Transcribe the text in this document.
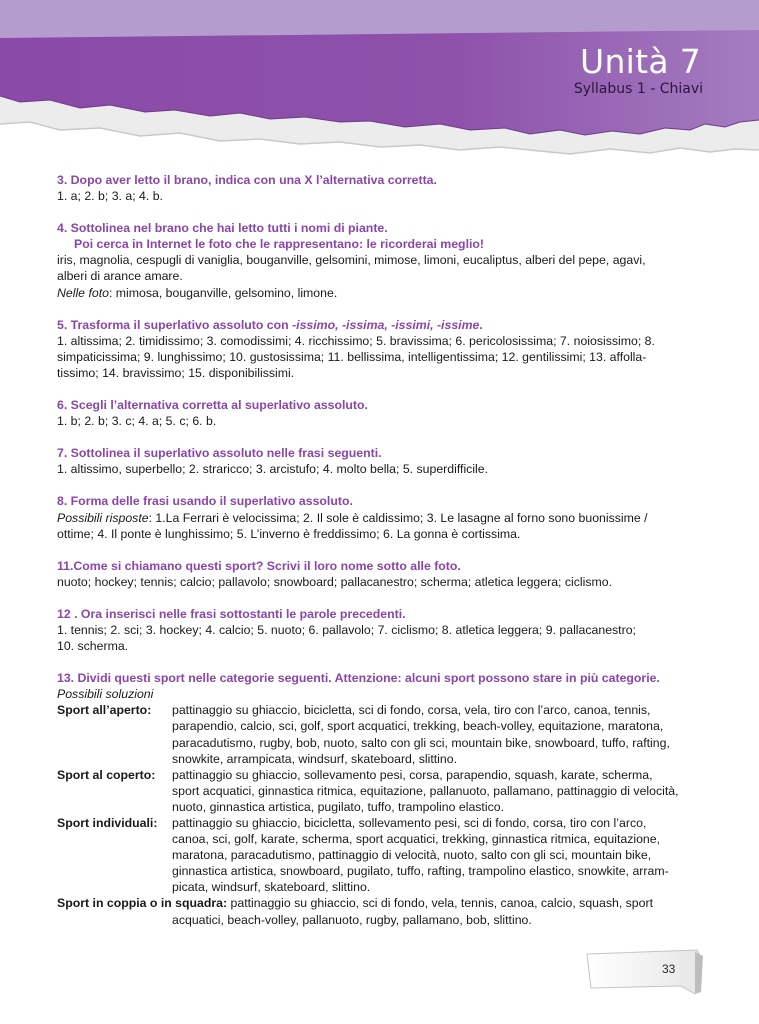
Unità 7
Syllabus 1 - Chiavi
3. Dopo aver letto il brano, indica con una X l’alternativa corretta.
1. a; 2. b; 3. a; 4. b.
4. Sottolinea nel brano che hai letto tutti i nomi di piante.
Poi cerca in Internet le foto che le rappresentano: le ricorderai meglio!
iris, magnolia, cespugli di vaniglia, bouganville, gelsomini, mimose, limoni, eucaliptus, alberi del pepe, agavi,
alberi di arance amare.
Nelle foto: mimosa, bouganville, gelsomino, limone.
5. Trasforma il superlativo assoluto con -issimo, -issima, -issimi, -issime.
1. altissima; 2. timidissimo; 3. comodissimi; 4. ricchissimo; 5. bravissima; 6. pericolosissima; 7. noiosissimo; 8.
simpaticissima; 9. lunghissimo; 10. gustosissima; 11. bellissima, intelligentissima; 12. gentilissimi; 13. affolla-
tissimo; 14. bravissimo; 15. disponibilissimi.
6. Scegli l’alternativa corretta al superlativo assoluto.
1. b; 2. b; 3. c; 4. a; 5. c; 6. b.
7. Sottolinea il superlativo assoluto nelle frasi seguenti.
1. altissimo, superbello; 2. strаricco; 3. arcistufo; 4. molto bella; 5. superdifficile.
8. Forma delle frasi usando il superlativo assoluto.
Possibili risposte: 1.La Ferrari è velocissima; 2. Il sole è caldissimo; 3. Le lasagne al forno sono buonissime /
ottime; 4. Il ponte è lunghissimo; 5. L’inverno è freddissimo; 6. La gonna è cortissima.
11.Come si chiamano questi sport? Scrivi il loro nome sotto alle foto.
nuoto; hockey; tennis; calcio; pallavolo; snowboard; pallacanestro; scherma; atletica leggera; ciclismo.
12 . Ora inserisci nelle frasi sottostanti le parole precedenti.
1. tennis; 2. sci; 3. hockey; 4. calcio; 5. nuoto; 6. pallavolo; 7. ciclismo; 8. atletica leggera; 9. pallacanestro;
10. scherma.
13. Dividi questi sport nelle categorie seguenti. Attenzione: alcuni sport possono stare in più categorie.
Possibili soluzioni
Sport all’aperto:	pattinaggio su ghiaccio, bicicletta, sci di fondo, corsa, vela, tiro con l’arco, canoa, tennis,
parapendio, calcio, sci, golf, sport acquatici, trekking, beach-volley, equitazione, maratona,
paracadutismo, rugby, bob, nuoto, salto con gli sci, mountain bike, snowboard, tuffo, rafting,
snowkite, arrampicata, windsurf, skateboard, slittino.
Sport al coperto:	pattinaggio su ghiaccio, sollevamento pesi, corsa, parapendio, squash, karate, scherma,
sport acquatici, ginnastica ritmica, equitazione, pallanuoto, pallamano, pattinaggio di velocità,
nuoto, ginnastica artistica, pugilato, tuffo, trampolino elastico.
Sport individuali:	pattinaggio su ghiaccio, bicicletta, sollevamento pesi, sci di fondo, corsa, tiro con l’arco,
canoa, sci, golf, karate, scherma, sport acquatici, trekking, ginnastica ritmica, equitazione,
maratona, paracadutismo, pattinaggio di velocità, nuoto, salto con gli sci, mountain bike,
ginnastica artistica, snowboard, pugilato, tuffo, rafting, trampolino elastico, snowkite, arram-
picata, windsurf, skateboard, slittino.
Sport in coppia o in squadra: pattinaggio su ghiaccio, sci di fondo, vela, tennis, canoa, calcio, squash, sport
acquatici, beach-volley, pallanuoto, rugby, pallamano, bob, slittino.
33
